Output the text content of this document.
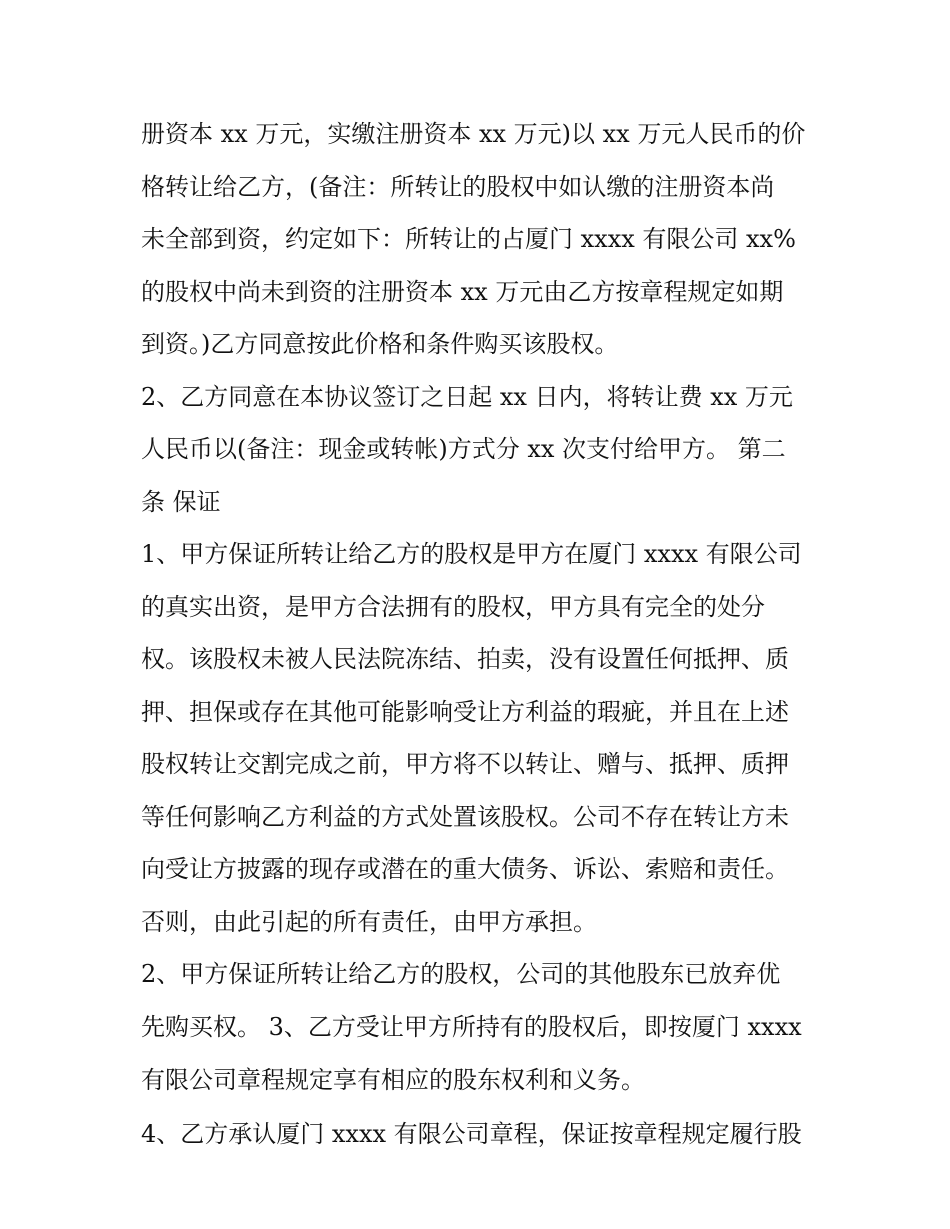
册资本 xx 万元，实缴注册资本 xx 万元)以 xx 万元人民币的价
格转让给乙方，(备注：所转让的股权中如认缴的注册资本尚
未全部到资，约定如下：所转让的占厦门 xxxx 有限公司 xx%
的股权中尚未到资的注册资本 xx 万元由乙方按章程规定如期
到资。)乙方同意按此价格和条件购买该股权。
2、乙方同意在本协议签订之日起 xx 日内，将转让费 xx 万元
人民币以(备注：现金或转帐)方式分 xx 次支付给甲方。 第二
条 保证
1、甲方保证所转让给乙方的股权是甲方在厦门 xxxx 有限公司
的真实出资，是甲方合法拥有的股权，甲方具有完全的处分
权。该股权未被人民法院冻结、拍卖，没有设置任何抵押、质
押、担保或存在其他可能影响受让方利益的瑕疵，并且在上述
股权转让交割完成之前，甲方将不以转让、赠与、抵押、质押
等任何影响乙方利益的方式处置该股权。公司不存在转让方未
向受让方披露的现存或潜在的重大债务、诉讼、索赔和责任。
否则，由此引起的所有责任，由甲方承担。
2、甲方保证所转让给乙方的股权，公司的其他股东已放弃优
先购买权。 3、乙方受让甲方所持有的股权后，即按厦门 xxxx
有限公司章程规定享有相应的股东权利和义务。
4、乙方承认厦门 xxxx 有限公司章程，保证按章程规定履行股
